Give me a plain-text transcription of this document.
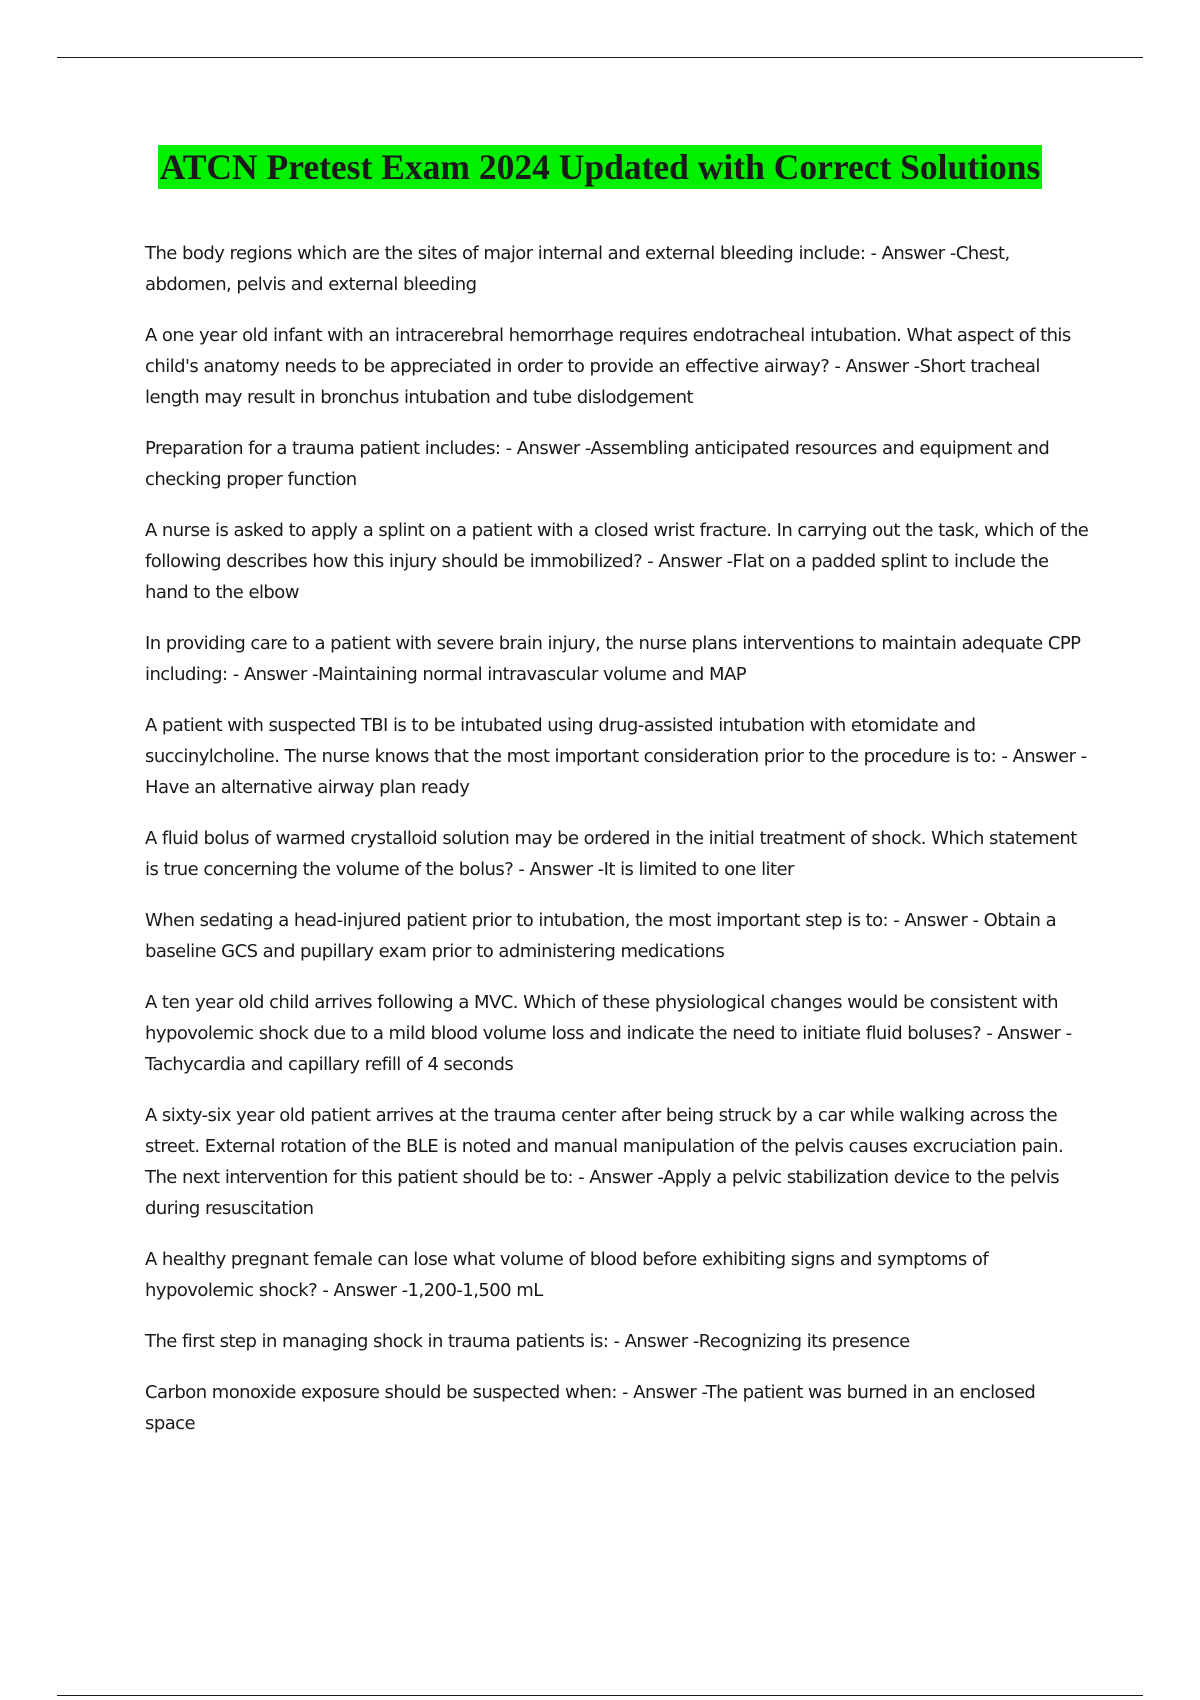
ATCN Pretest Exam 2024 Updated with Correct Solutions
The body regions which are the sites of major internal and external bleeding include: - Answer -Chest, abdomen, pelvis and external bleeding
A one year old infant with an intracerebral hemorrhage requires endotracheal intubation. What aspect of this child's anatomy needs to be appreciated in order to provide an effective airway? - Answer -Short tracheal length may result in bronchus intubation and tube dislodgement
Preparation for a trauma patient includes: - Answer -Assembling anticipated resources and equipment and checking proper function
A nurse is asked to apply a splint on a patient with a closed wrist fracture. In carrying out the task, which of the following describes how this injury should be immobilized? - Answer -Flat on a padded splint to include the hand to the elbow
In providing care to a patient with severe brain injury, the nurse plans interventions to maintain adequate CPP including: - Answer -Maintaining normal intravascular volume and MAP
A patient with suspected TBI is to be intubated using drug-assisted intubation with etomidate and succinylcholine. The nurse knows that the most important consideration prior to the procedure is to: - Answer -Have an alternative airway plan ready
A fluid bolus of warmed crystalloid solution may be ordered in the initial treatment of shock. Which statement is true concerning the volume of the bolus? - Answer -It is limited to one liter
When sedating a head-injured patient prior to intubation, the most important step is to: - Answer - Obtain a baseline GCS and pupillary exam prior to administering medications
A ten year old child arrives following a MVC. Which of these physiological changes would be consistent with hypovolemic shock due to a mild blood volume loss and indicate the need to initiate fluid boluses? - Answer -Tachycardia and capillary refill of 4 seconds
A sixty-six year old patient arrives at the trauma center after being struck by a car while walking across the street. External rotation of the BLE is noted and manual manipulation of the pelvis causes excruciation pain. The next intervention for this patient should be to: - Answer -Apply a pelvic stabilization device to the pelvis during resuscitation
A healthy pregnant female can lose what volume of blood before exhibiting signs and symptoms of hypovolemic shock? - Answer -1,200-1,500 mL
The first step in managing shock in trauma patients is: - Answer -Recognizing its presence
Carbon monoxide exposure should be suspected when: - Answer -The patient was burned in an enclosed space
